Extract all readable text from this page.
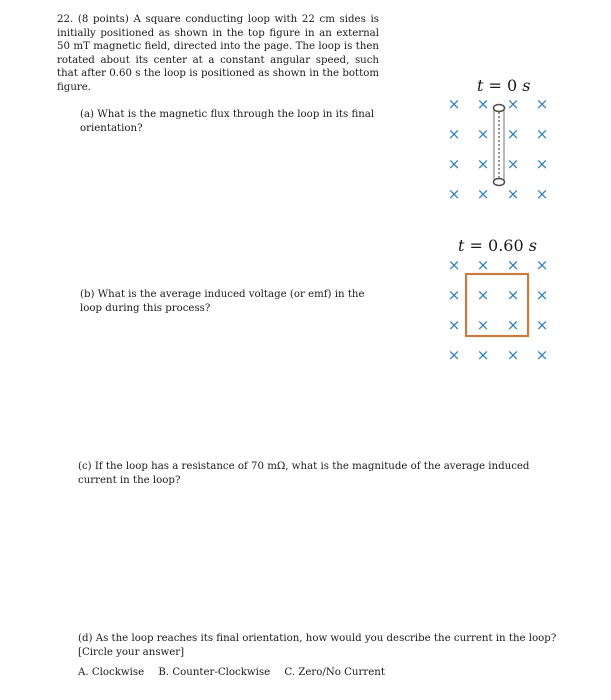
22. (8 points) A square conducting loop with 22 cm sides is initially positioned as shown in the top figure in an external 50 mT magnetic field, directed into the page. The loop is then rotated about its center at a constant angular speed, such that after 0.60 s the loop is positioned as shown in the bottom figure.
(a) What is the magnetic flux through the loop in its final orientation?
(b) What is the average induced voltage (or emf) in the loop during this process?
(c) If the loop has a resistance of 70 mΩ, what is the magnitude of the average induced current in the loop?
(d) As the loop reaches its final orientation, how would you describe the current in the loop? [Circle your answer]
A. Clockwise B. Counter-Clockwise C. Zero/No Current
t = 0 s
t = 0.60 s
× × × ×
× × × ×
× × × ×
× × × ×
× × × ×
× × × ×
× × × ×
× × × ×
